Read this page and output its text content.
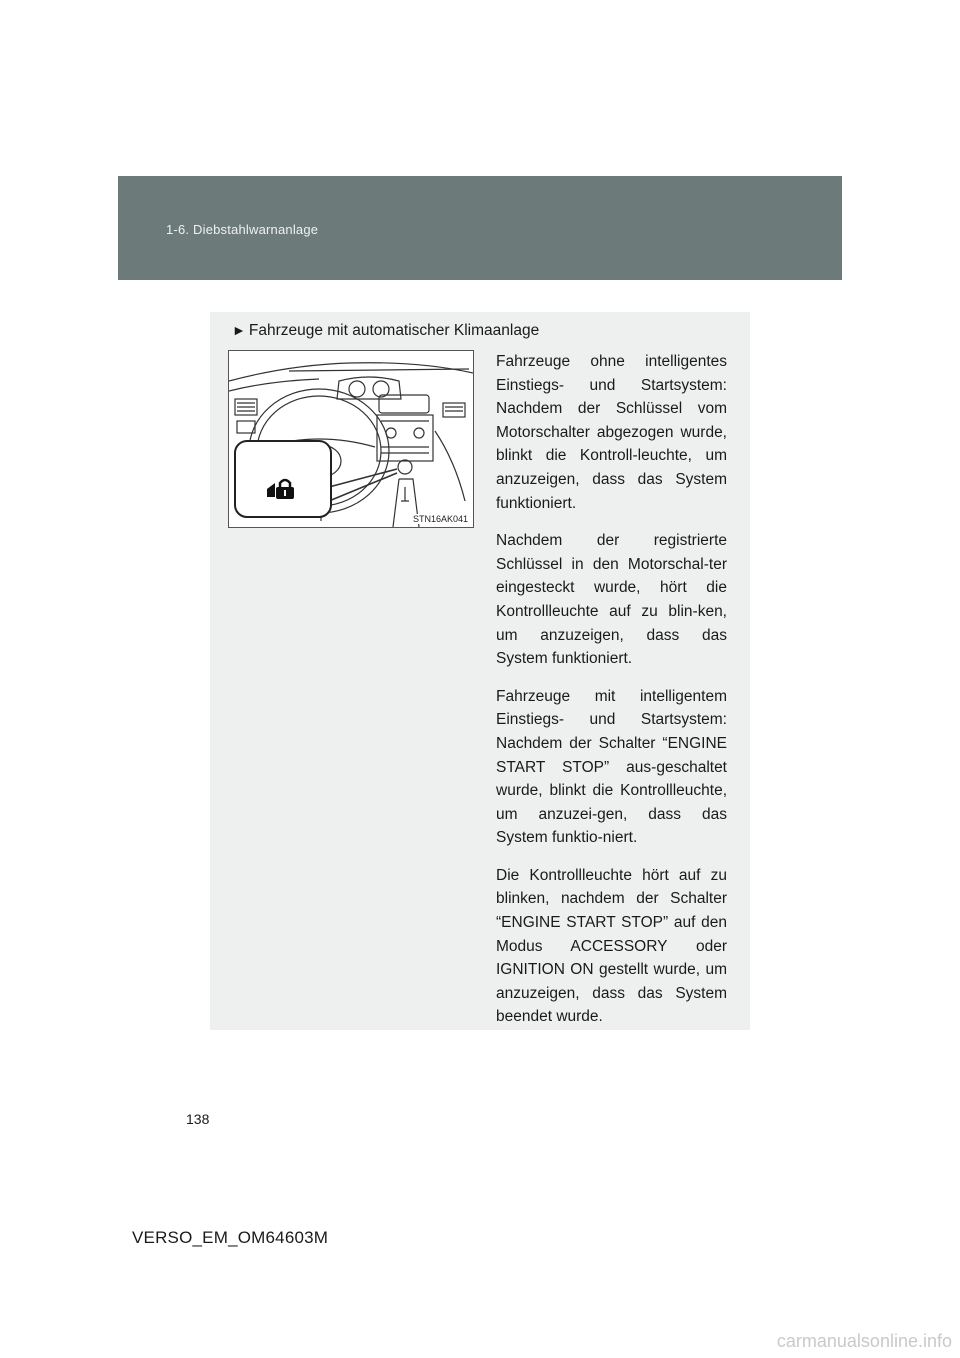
1-6. Diebstahlwarnanlage
► Fahrzeuge mit automatischer Klimaanlage
STN16AK041

Fahrzeuge ohne intelligentes Einstiegs- und Startsystem: Nachdem der Schlüssel vom Motorschalter abgezogen wurde, blinkt die Kontroll-leuchte, um anzuzeigen, dass das System funktioniert.

Nachdem der registrierte Schlüssel in den Motorschal-ter eingesteckt wurde, hört die Kontrollleuchte auf zu blin-ken, um anzuzeigen, dass das System funktioniert.

Fahrzeuge mit intelligentem Einstiegs- und Startsystem: Nachdem der Schalter “ENGINE START STOP” aus-geschaltet wurde, blinkt die Kontrollleuchte, um anzuzei-gen, dass das System funktio-niert.

Die Kontrollleuchte hört auf zu blinken, nachdem der Schalter “ENGINE START STOP” auf den Modus ACCESSORY oder IGNITION ON gestellt wurde, um anzuzeigen, dass das System beendet wurde.

138
VERSO_EM_OM64603M
carmanualsonline.info
